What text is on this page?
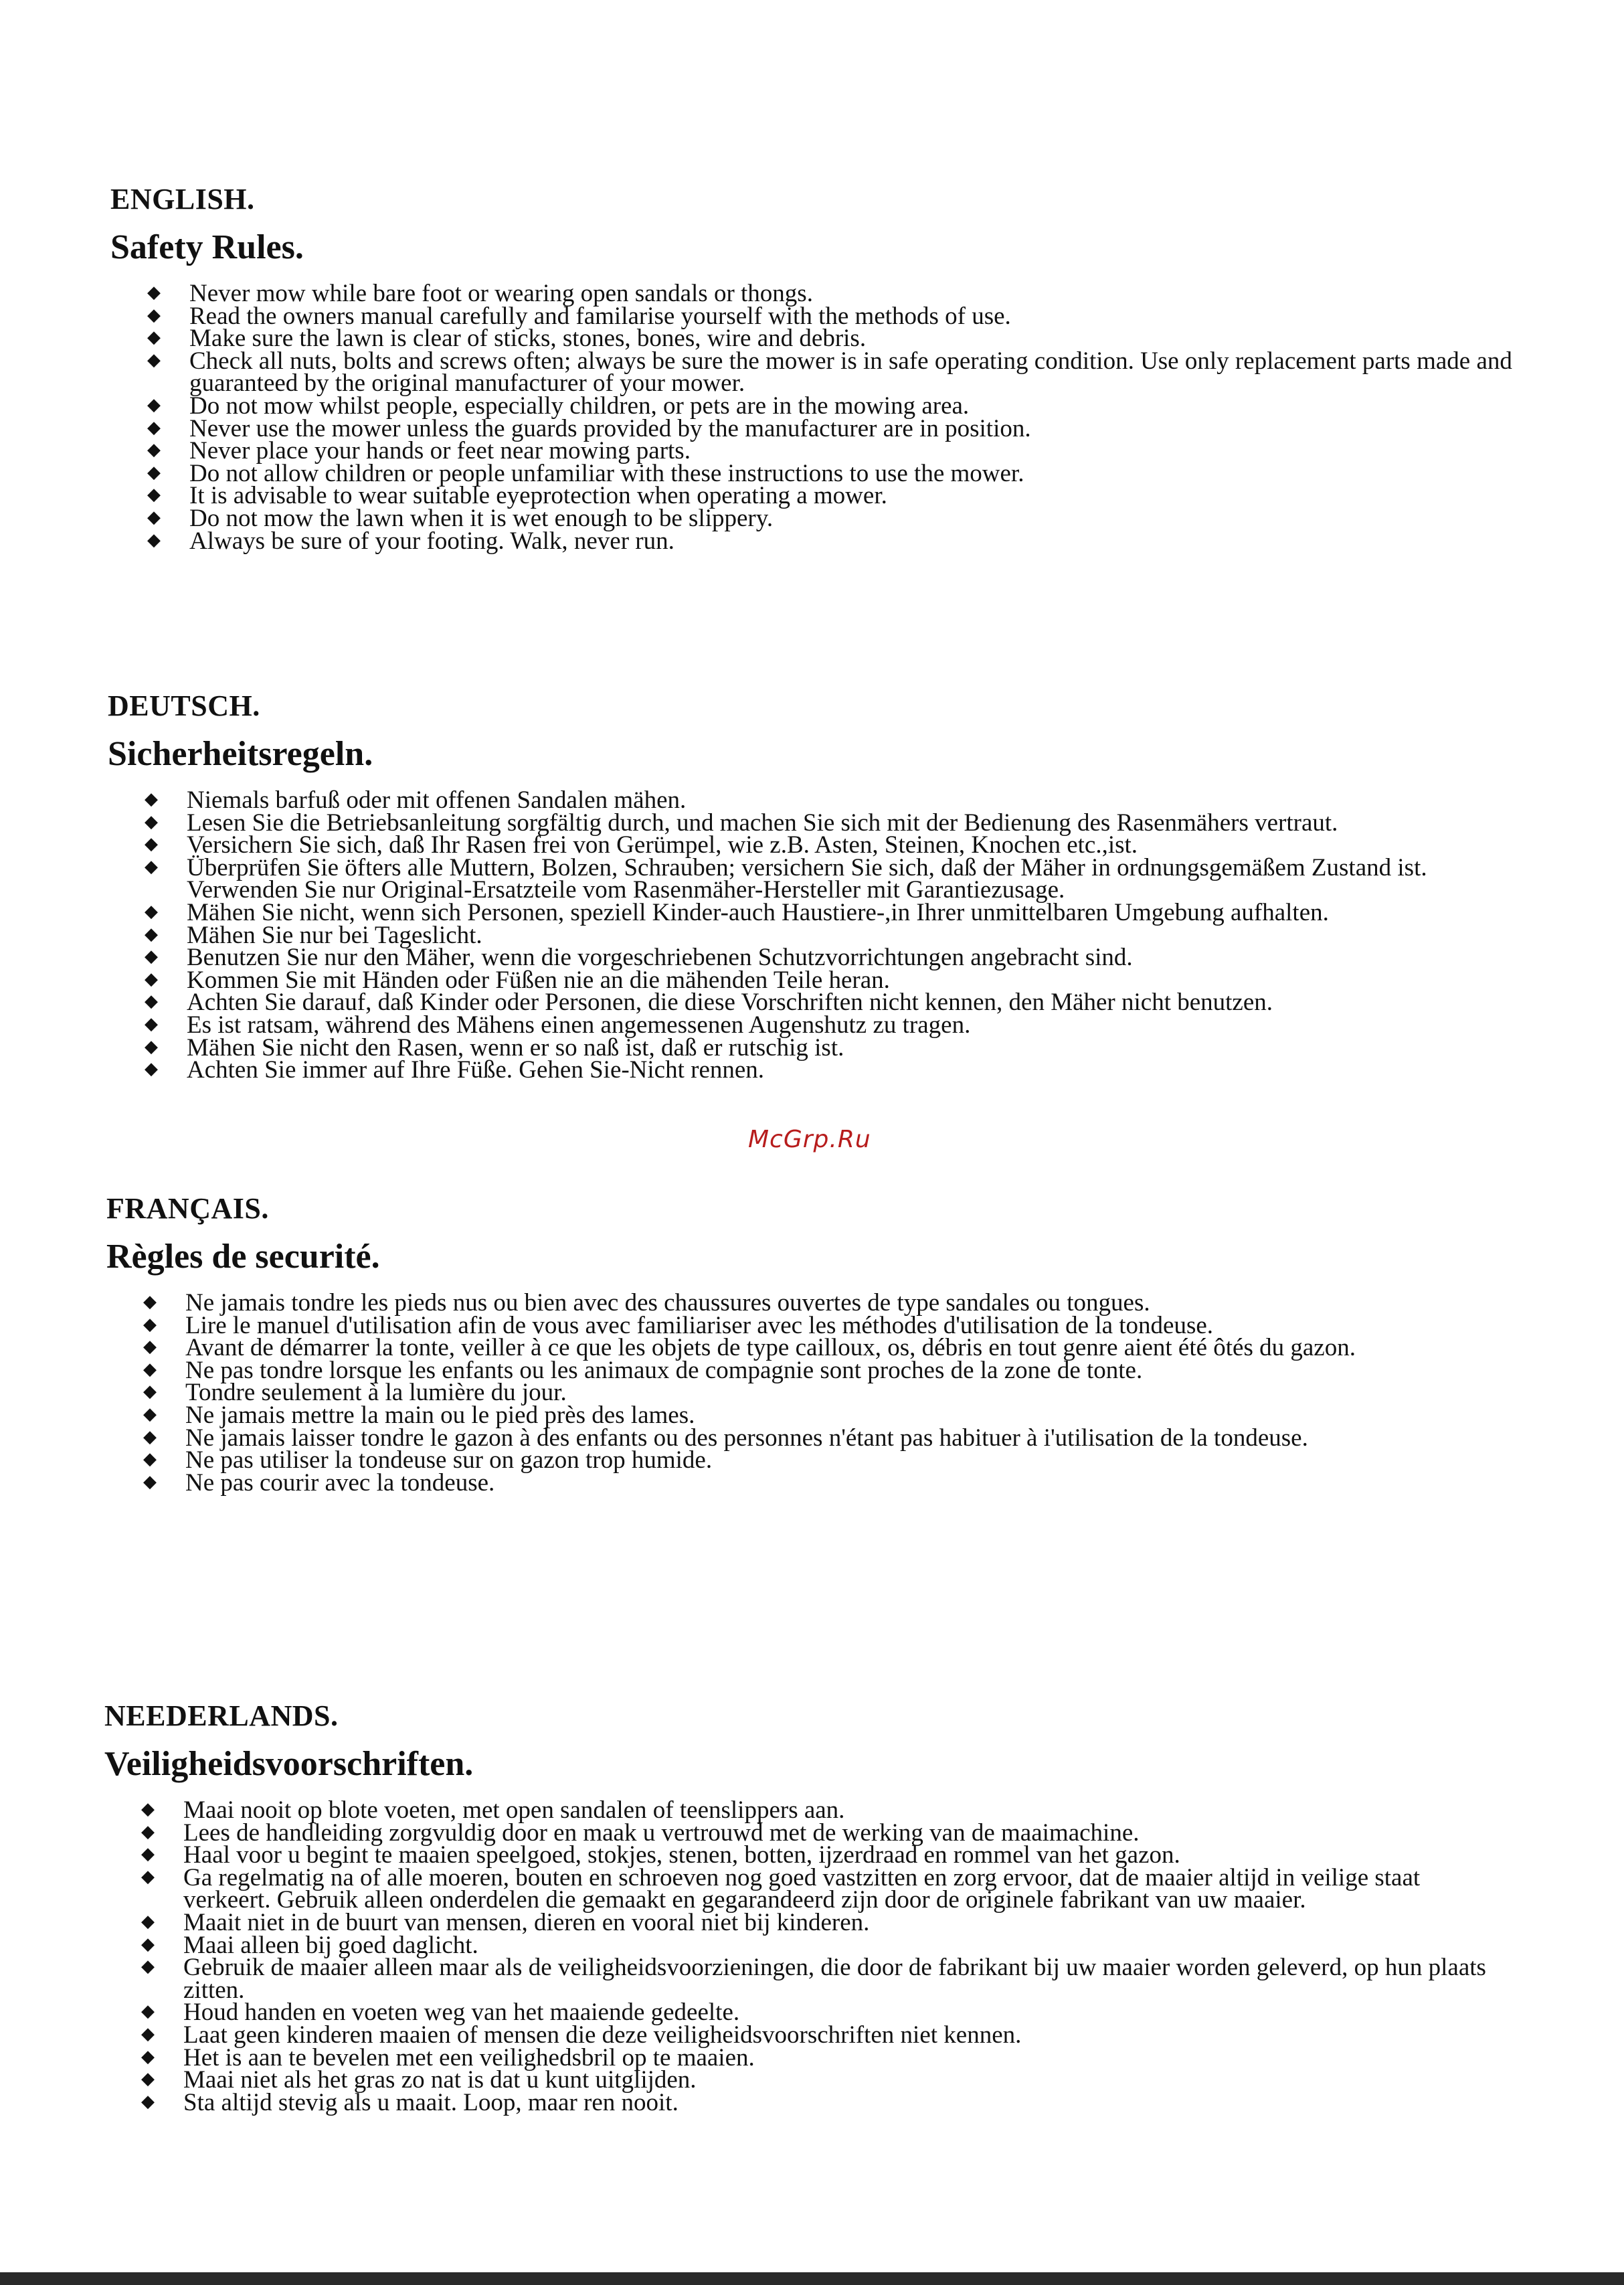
ENGLISH.

Safety Rules.
◆ Never mow while bare foot or wearing open sandals or thongs.
◆ Read the owners manual carefully and familarise yourself with the methods of use.
◆ Make sure the lawn is clear of sticks, stones, bones, wire and debris.
◆ Check all nuts, bolts and screws often; always be sure the mower is in safe operating condition. Use only replacement parts made and guaranteed by the original manufacturer of your mower.
◆ Do not mow whilst people, especially children, or pets are in the mowing area.
◆ Never use the mower unless the guards provided by the manufacturer are in position.
◆ Never place your hands or feet near mowing parts.
◆ Do not allow children or people unfamiliar with these instructions to use the mower.
◆ It is advisable to wear suitable eyeprotection when operating a mower.
◆ Do not mow the lawn when it is wet enough to be slippery.
◆ Always be sure of your footing. Walk, never run.

DEUTSCH.

Sicherheitsregeln.
◆ Niemals barfuß oder mit offenen Sandalen mähen.
◆ Lesen Sie die Betriebsanleitung sorgfältig durch, und machen Sie sich mit der Bedienung des Rasenmähers vertraut.
◆ Versichern Sie sich, daß Ihr Rasen frei von Gerümpel, wie z.B. Asten, Steinen, Knochen etc.,ist.
◆ Überprüfen Sie öfters alle Muttern, Bolzen, Schrauben; versichern Sie sich, daß der Mäher in ordnungsgemäßem Zustand ist. Verwenden Sie nur Original-Ersatzteile vom Rasenmäher-Hersteller mit Garantiezusage.
◆ Mähen Sie nicht, wenn sich Personen, speziell Kinder-auch Haustiere-,in Ihrer unmittelbaren Umgebung aufhalten.
◆ Mähen Sie nur bei Tageslicht.
◆ Benutzen Sie nur den Mäher, wenn die vorgeschriebenen Schutzvorrichtungen angebracht sind.
◆ Kommen Sie mit Händen oder Füßen nie an die mähenden Teile heran.
◆ Achten Sie darauf, daß Kinder oder Personen, die diese Vorschriften nicht kennen, den Mäher nicht benutzen.
◆ Es ist ratsam, während des Mähens einen angemessenen Augenshutz zu tragen.
◆ Mähen Sie nicht den Rasen, wenn er so naß ist, daß er rutschig ist.
◆ Achten Sie immer auf Ihre Füße. Gehen Sie-Nicht rennen.
McGrp.Ru

FRANÇAIS.

Règles de securité.
◆ Ne jamais tondre les pieds nus ou bien avec des chaussures ouvertes de type sandales ou tongues.
◆ Lire le manuel d'utilisation afin de vous avec familiariser avec les méthodes d'utilisation de la tondeuse.
◆ Avant de démarrer la tonte, veiller à ce que les objets de type cailloux, os, débris en tout genre aient été ôtés du gazon.
◆ Ne pas tondre lorsque les enfants ou les animaux de compagnie sont proches de la zone de tonte.
◆ Tondre seulement à la lumière du jour.
◆ Ne jamais mettre la main ou le pied près des lames.
◆ Ne jamais laisser tondre le gazon à des enfants ou des personnes n'étant pas habituer à i'utilisation de la tondeuse.
◆ Ne pas utiliser la tondeuse sur on gazon trop humide.
◆ Ne pas courir avec la tondeuse.

NEEDERLANDS.

Veiligheidsvoorschriften.
◆ Maai nooit op blote voeten, met open sandalen of teenslippers aan.
◆ Lees de handleiding zorgvuldig door en maak u vertrouwd met de werking van de maaimachine.
◆ Haal voor u begint te maaien speelgoed, stokjes, stenen, botten, ijzerdraad en rommel van het gazon.
◆ Ga regelmatig na of alle moeren, bouten en schroeven nog goed vastzitten en zorg ervoor, dat de maaier altijd in veilige staat verkeert. Gebruik alleen onderdelen die gemaakt en gegarandeerd zijn door de originele fabrikant van uw maaier.
◆ Maait niet in de buurt van mensen, dieren en vooral niet bij kinderen.
◆ Maai alleen bij goed daglicht.
◆ Gebruik de maaier alleen maar als de veiligheidsvoorzieningen, die door de fabrikant bij uw maaier worden geleverd, op hun plaats zitten.
◆ Houd handen en voeten weg van het maaiende gedeelte.
◆ Laat geen kinderen maaien of mensen die deze veiligheidsvoorschriften niet kennen.
◆ Het is aan te bevelen met een veilighedsbril op te maaien.
◆ Maai niet als het gras zo nat is dat u kunt uitglijden.
◆ Sta altijd stevig als u maait. Loop, maar ren nooit.
